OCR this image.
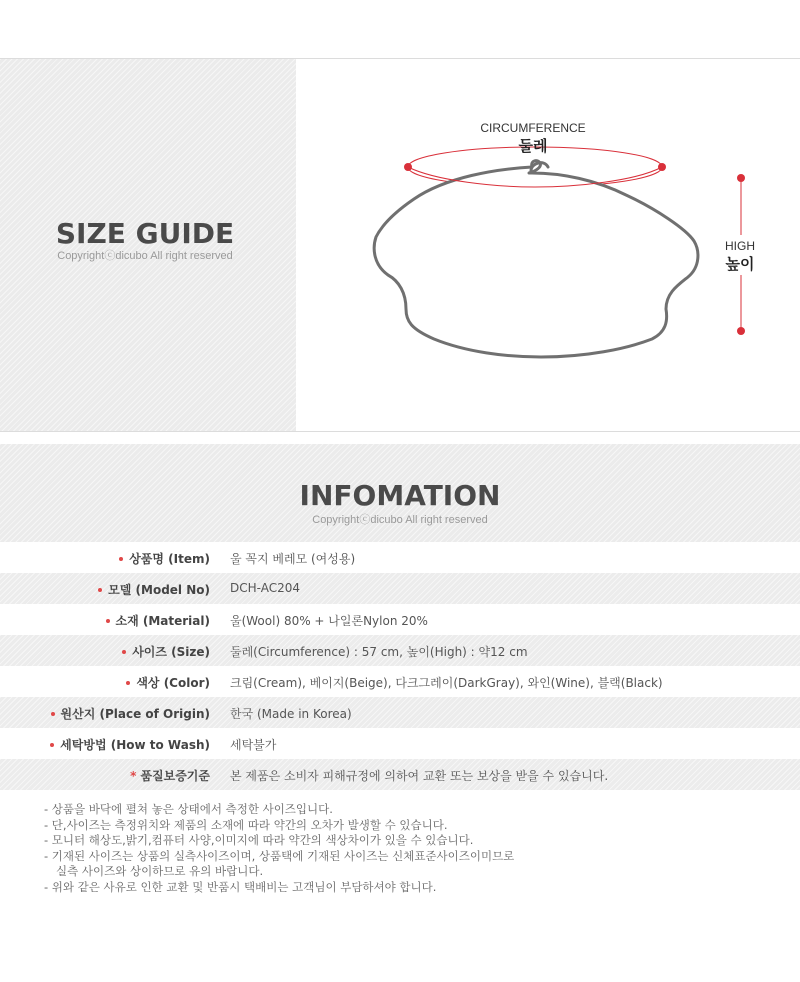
SIZE GUIDE
Copyrightⓒdicubo All right reserved
CIRCUMFERENCE
둘레
HIGH
높이
INFOMATION
Copyrightⓒdicubo All right reserved
상품명 (Item) 울 꼭지 베레모 (여성용)
모델 (Model No) DCH-AC204
소재 (Material) 울(Wool) 80% + 나일론Nylon 20%
사이즈 (Size) 둘레(Circumference) : 57 cm, 높이(High) : 약12 cm
색상 (Color) 크림(Cream), 베이지(Beige), 다크그레이(DarkGray), 와인(Wine), 블랙(Black)
원산지 (Place of Origin) 한국 (Made in Korea)
세탁방법 (How to Wash) 세탁불가
* 품질보증기준 본 제품은 소비자 피해규정에 의하여 교환 또는 보상을 받을 수 있습니다.
- 상품을 바닥에 펼쳐 놓은 상태에서 측정한 사이즈입니다.
- 단,사이즈는 측정위치와 제품의 소재에 따라 약간의 오차가 발생할 수 있습니다.
- 모니터 해상도,밝기,컴퓨터 사양,이미지에 따라 약간의 색상차이가 있을 수 있습니다.
- 기재된 사이즈는 상품의 실측사이즈이며, 상품택에 기재된 사이즈는 신체표준사이즈이미므로
실측 사이즈와 상이하므로 유의 바랍니다.
- 위와 같은 사유로 인한 교환 및 반품시 택배비는 고객님이 부담하셔야 합니다.
